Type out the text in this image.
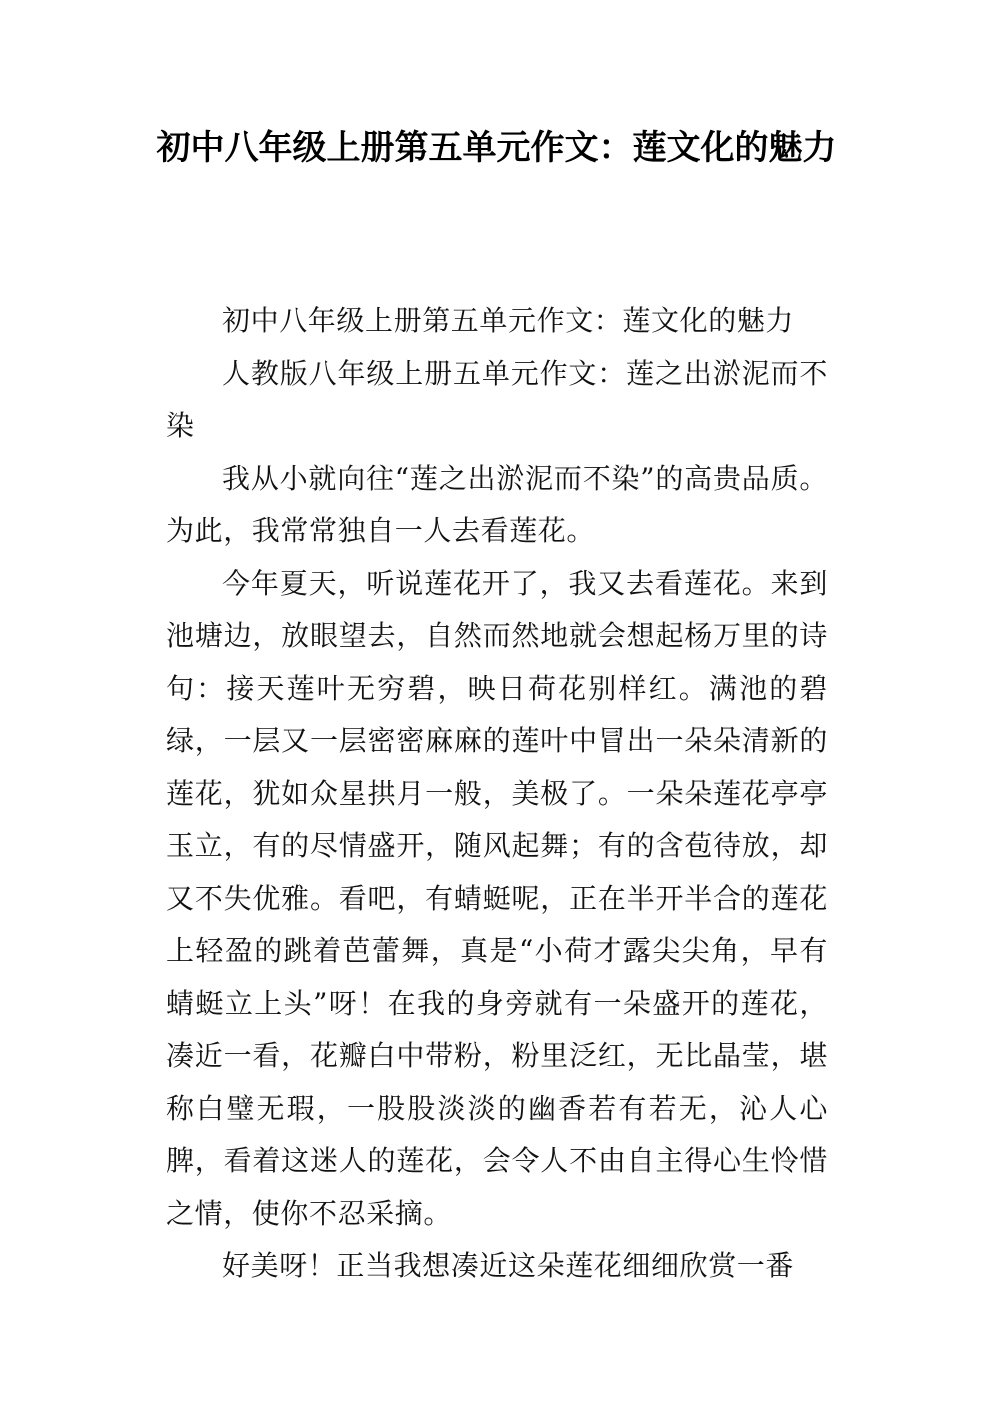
初中八年级上册第五单元作文：莲文化的魅力

初中八年级上册第五单元作文：莲文化的魅力

人教版八年级上册五单元作文：莲之出淤泥而不染

我从小就向往“莲之出淤泥而不染”的高贵品质。为此，我常常独自一人去看莲花。

今年夏天，听说莲花开了，我又去看莲花。来到池塘边，放眼望去，自然而然地就会想起杨万里的诗句：接天莲叶无穷碧，映日荷花别样红。满池的碧绿，一层又一层密密麻麻的莲叶中冒出一朵朵清新的莲花，犹如众星拱月一般，美极了。一朵朵莲花亭亭玉立，有的尽情盛开，随风起舞；有的含苞待放，却又不失优雅。看吧，有蜻蜓呢，正在半开半合的莲花上轻盈的跳着芭蕾舞，真是“小荷才露尖尖角，早有蜻蜓立上头”呀！在我的身旁就有一朵盛开的莲花，凑近一看，花瓣白中带粉，粉里泛红，无比晶莹，堪称白璧无瑕，一股股淡淡的幽香若有若无，沁人心脾，看着这迷人的莲花，会令人不由自主得心生怜惜之情，使你不忍采摘。

好美呀！正当我想凑近这朵莲花细细欣赏一番
